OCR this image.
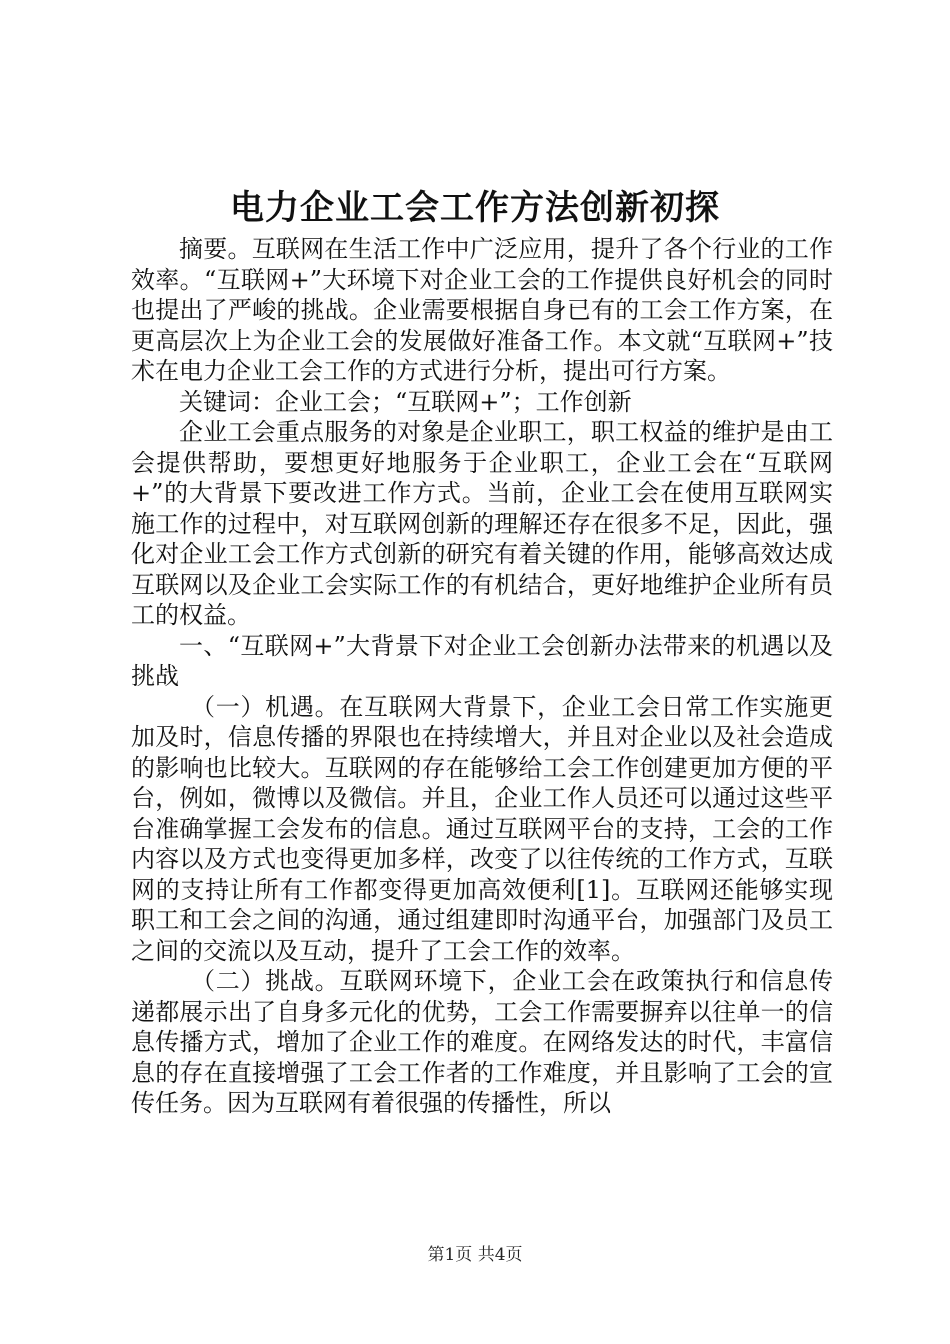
电力企业工会工作方法创新初探

摘要。互联网在生活工作中广泛应用，提升了各个行业的工作效率。“互联网+”大环境下对企业工会的工作提供良好机会的同时也提出了严峻的挑战。企业需要根据自身已有的工会工作方案，在更高层次上为企业工会的发展做好准备工作。本文就“互联网+”技术在电力企业工会工作的方式进行分析，提出可行方案。

关键词：企业工会；“互联网+”；工作创新

企业工会重点服务的对象是企业职工，职工权益的维护是由工会提供帮助，要想更好地服务于企业职工，企业工会在“互联网+”的大背景下要改进工作方式。当前，企业工会在使用互联网实施工作的过程中，对互联网创新的理解还存在很多不足，因此，强化对企业工会工作方式创新的研究有着关键的作用，能够高效达成互联网以及企业工会实际工作的有机结合，更好地维护企业所有员工的权益。

一、“互联网+”大背景下对企业工会创新办法带来的机遇以及挑战

（一）机遇。在互联网大背景下，企业工会日常工作实施更加及时，信息传播的界限也在持续增大，并且对企业以及社会造成的影响也比较大。互联网的存在能够给工会工作创建更加方便的平台，例如，微博以及微信。并且，企业工作人员还可以通过这些平台准确掌握工会发布的信息。通过互联网平台的支持，工会的工作内容以及方式也变得更加多样，改变了以往传统的工作方式，互联网的支持让所有工作都变得更加高效便利[1]。互联网还能够实现职工和工会之间的沟通，通过组建即时沟通平台，加强部门及员工之间的交流以及互动，提升了工会工作的效率。

（二）挑战。互联网环境下，企业工会在政策执行和信息传递都展示出了自身多元化的优势，工会工作需要摒弃以往单一的信息传播方式，增加了企业工作的难度。在网络发达的时代，丰富信息的存在直接增强了工会工作者的工作难度，并且影响了工会的宣传任务。因为互联网有着很强的传播性，所以

第1页 共4页
